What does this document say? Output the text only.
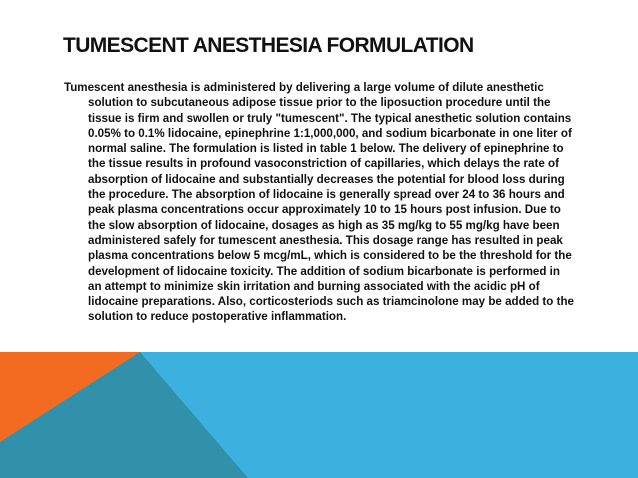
TUMESCENT ANESTHESIA FORMULATION

Tumescent anesthesia is administered by delivering a large volume of dilute anesthetic solution to subcutaneous adipose tissue prior to the liposuction procedure until the tissue is firm and swollen or truly "tumescent". The typical anesthetic solution contains 0.05% to 0.1% lidocaine, epinephrine 1:1,000,000, and sodium bicarbonate in one liter of normal saline. The formulation is listed in table 1 below. The delivery of epinephrine to the tissue results in profound vasoconstriction of capillaries, which delays the rate of absorption of lidocaine and substantially decreases the potential for blood loss during the procedure. The absorption of lidocaine is generally spread over 24 to 36 hours and peak plasma concentrations occur approximately 10 to 15 hours post infusion. Due to the slow absorption of lidocaine, dosages as high as 35 mg/kg to 55 mg/kg have been administered safely for tumescent anesthesia. This dosage range has resulted in peak plasma concentrations below 5 mcg/mL, which is considered to be the threshold for the development of lidocaine toxicity. The addition of sodium bicarbonate is performed in an attempt to minimize skin irritation and burning associated with the acidic pH of lidocaine preparations. Also, corticosteriods such as triamcinolone may be added to the solution to reduce postoperative inflammation.
